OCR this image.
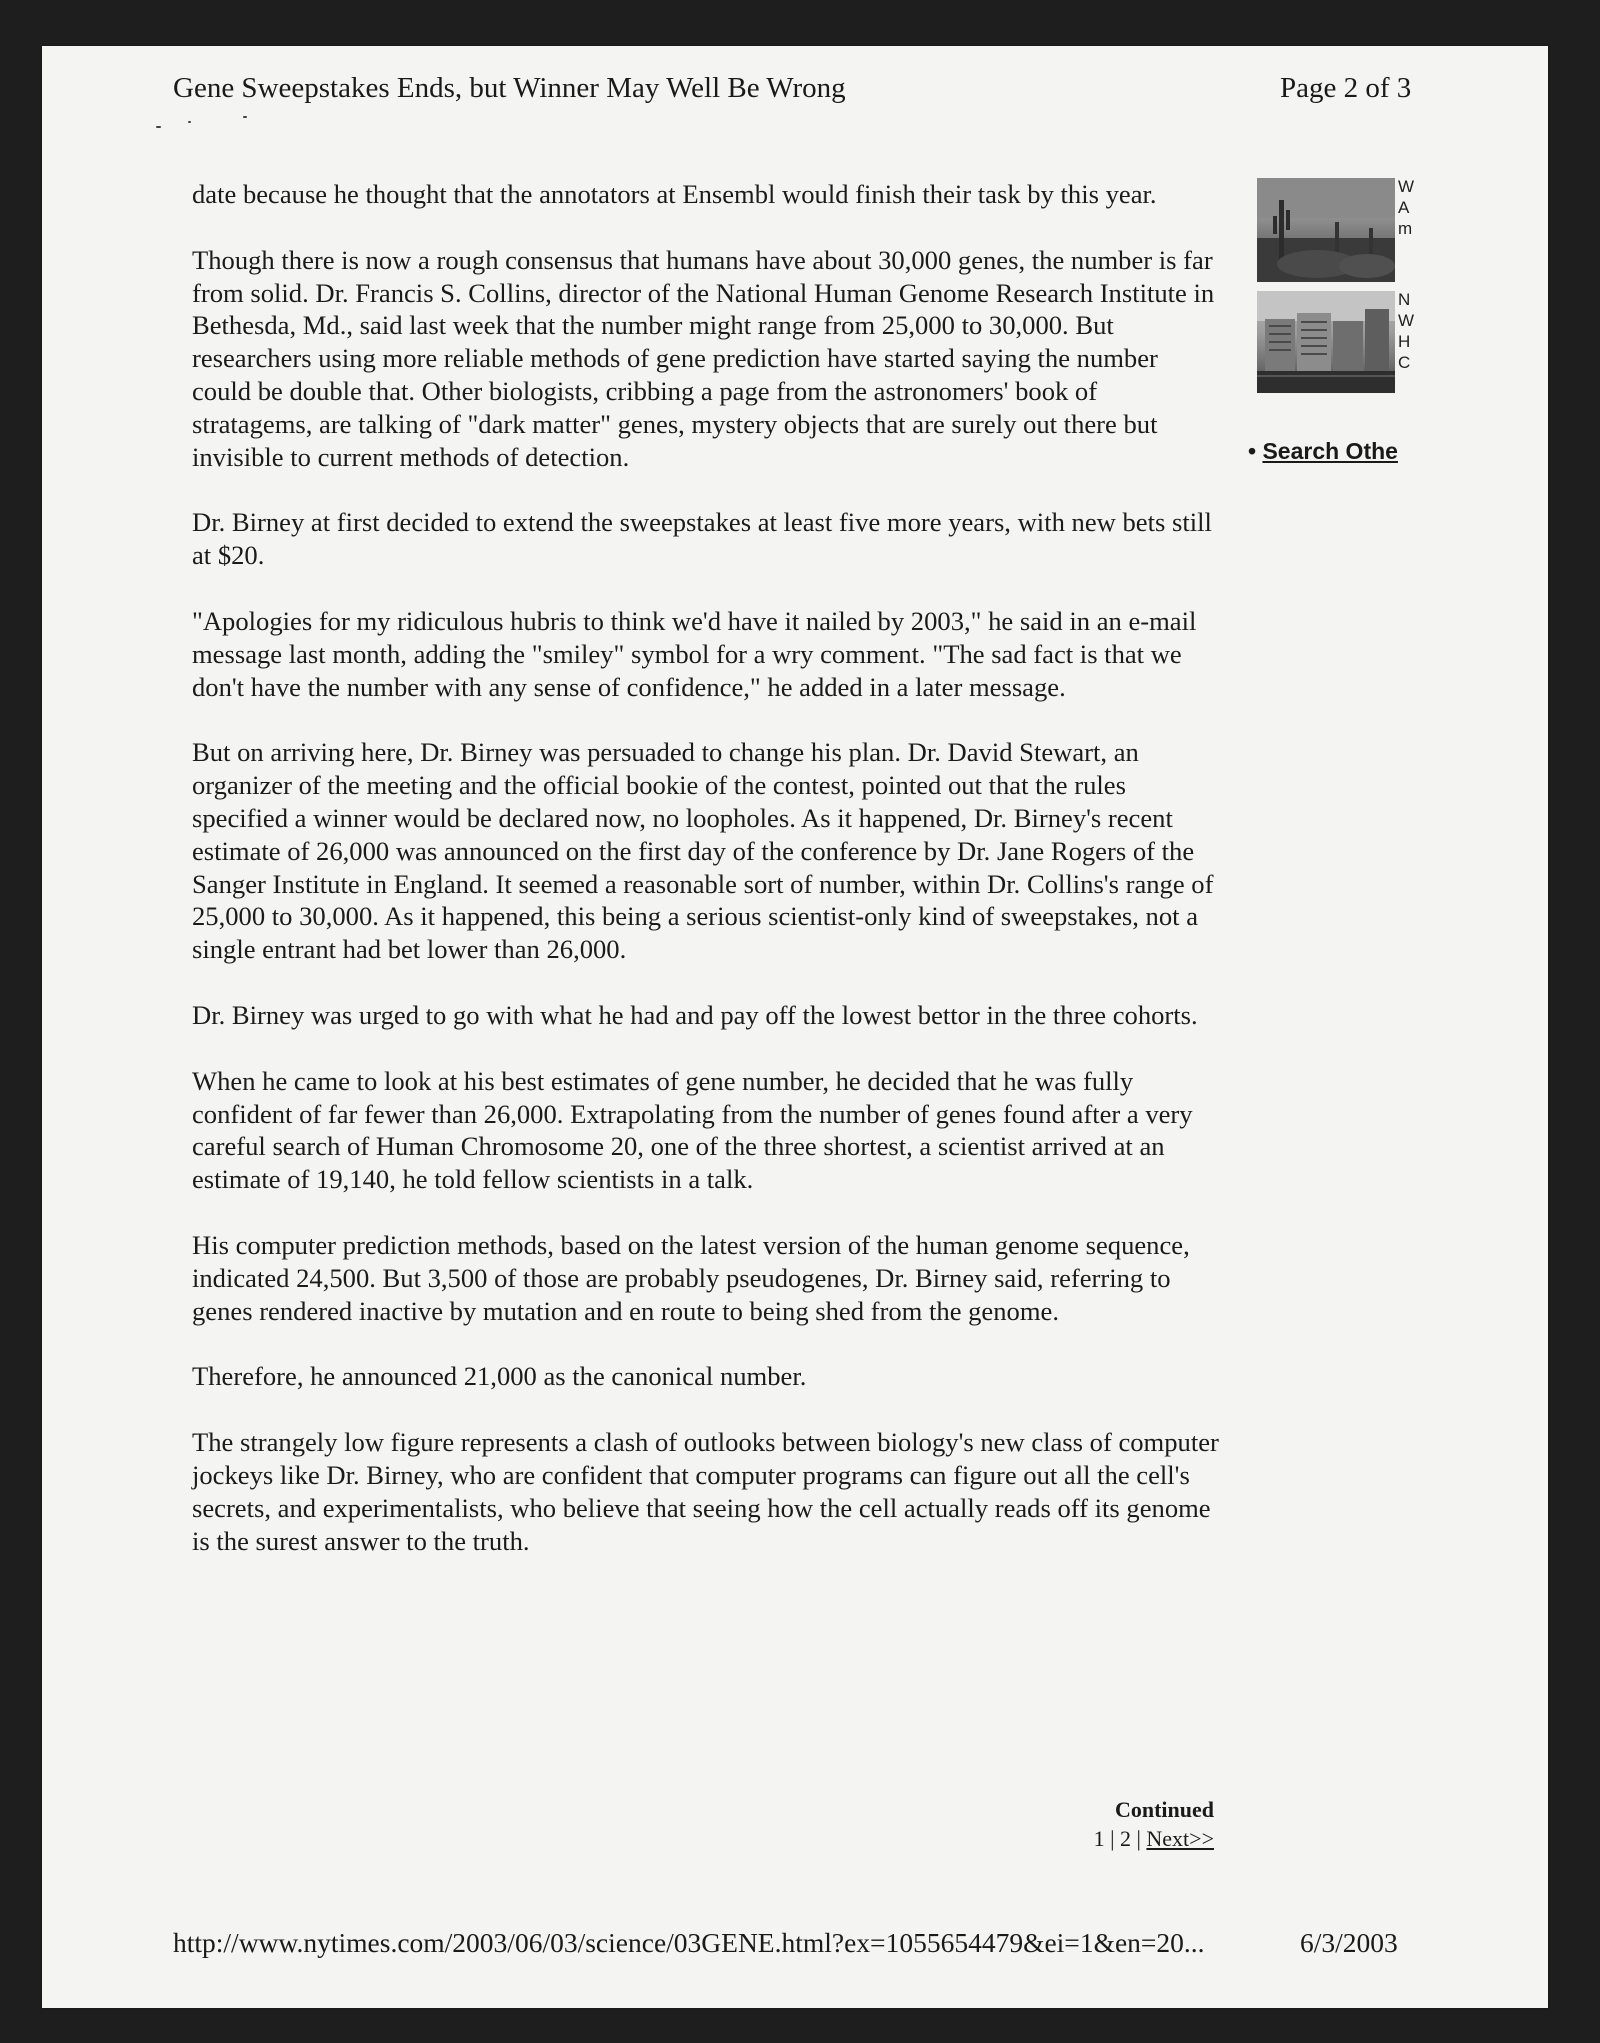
Gene Sweepstakes Ends, but Winner May Well Be Wrong	Page 2 of 3

date because he thought that the annotators at Ensembl would finish their task by this year.

Though there is now a rough consensus that humans have about 30,000 genes, the number is far from solid. Dr. Francis S. Collins, director of the National Human Genome Research Institute in Bethesda, Md., said last week that the number might range from 25,000 to 30,000. But researchers using more reliable methods of gene prediction have started saying the number could be double that. Other biologists, cribbing a page from the astronomers' book of stratagems, are talking of "dark matter" genes, mystery objects that are surely out there but invisible to current methods of detection.

Dr. Birney at first decided to extend the sweepstakes at least five more years, with new bets still at $20.

"Apologies for my ridiculous hubris to think we'd have it nailed by 2003," he said in an e-mail message last month, adding the "smiley" symbol for a wry comment. "The sad fact is that we don't have the number with any sense of confidence," he added in a later message.

But on arriving here, Dr. Birney was persuaded to change his plan. Dr. David Stewart, an organizer of the meeting and the official bookie of the contest, pointed out that the rules specified a winner would be declared now, no loopholes. As it happened, Dr. Birney's recent estimate of 26,000 was announced on the first day of the conference by Dr. Jane Rogers of the Sanger Institute in England. It seemed a reasonable sort of number, within Dr. Collins's range of 25,000 to 30,000. As it happened, this being a serious scientist-only kind of sweepstakes, not a single entrant had bet lower than 26,000.

Dr. Birney was urged to go with what he had and pay off the lowest bettor in the three cohorts.

When he came to look at his best estimates of gene number, he decided that he was fully confident of far fewer than 26,000. Extrapolating from the number of genes found after a very careful search of Human Chromosome 20, one of the three shortest, a scientist arrived at an estimate of 19,140, he told fellow scientists in a talk.

His computer prediction methods, based on the latest version of the human genome sequence, indicated 24,500. But 3,500 of those are probably pseudogenes, Dr. Birney said, referring to genes rendered inactive by mutation and en route to being shed from the genome.

Therefore, he announced 21,000 as the canonical number.

The strangely low figure represents a clash of outlooks between biology's new class of computer jockeys like Dr. Birney, who are confident that computer programs can figure out all the cell's secrets, and experimentalists, who believe that seeing how the cell actually reads off its genome is the surest answer to the truth.

W
A
m
N
W
H
C
• Search Othe
Continued
1 | 2 | Next>>
http://www.nytimes.com/2003/06/03/science/03GENE.html?ex=1055654479&ei=1&en=20...	6/3/2003
